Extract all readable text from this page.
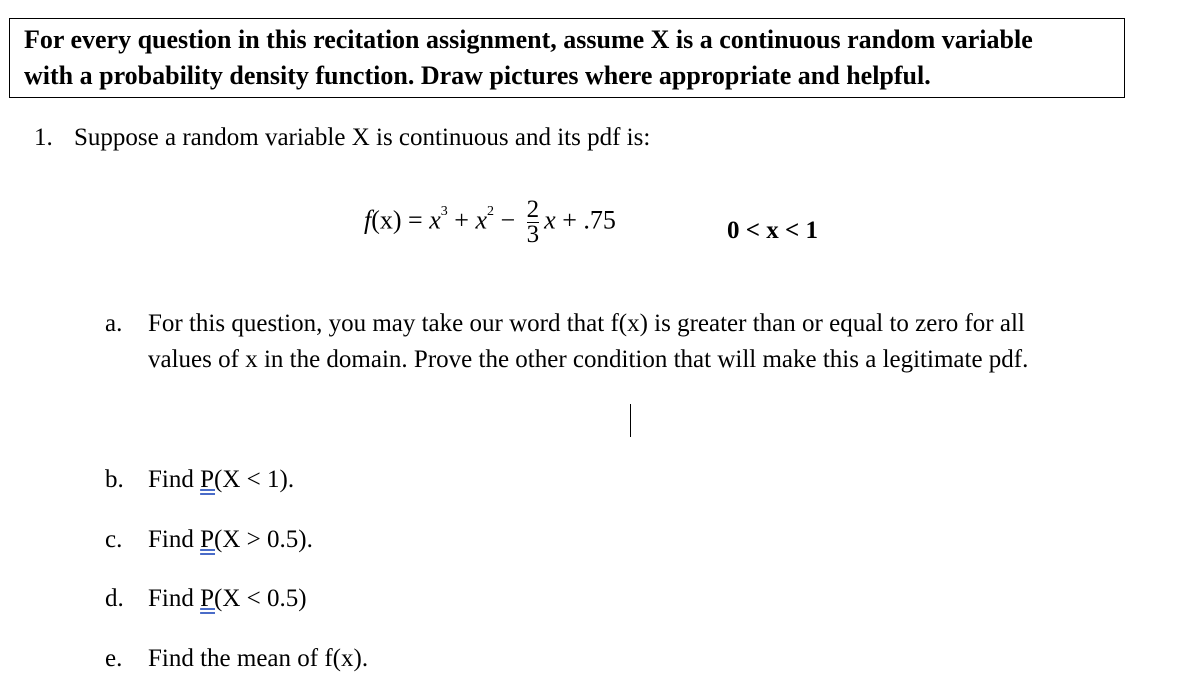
For every question in this recitation assignment, assume X is a continuous random variable
with a probability density function. Draw pictures where appropriate and helpful.
1. Suppose a random variable X is continuous and its pdf is:
$f(x) = x^3 + x^2 - \frac{2}{3}$ x + .75	0 < x < 1
a. For this question, you may take our word that f(x) is greater than or equal to zero for all
values of x in the domain. Prove the other condition that will make this a legitimate pdf.
b. Find P(X < 1).
c. Find P(X > 0.5).
d. Find P(X < 0.5)
e. Find the mean of f(x).
